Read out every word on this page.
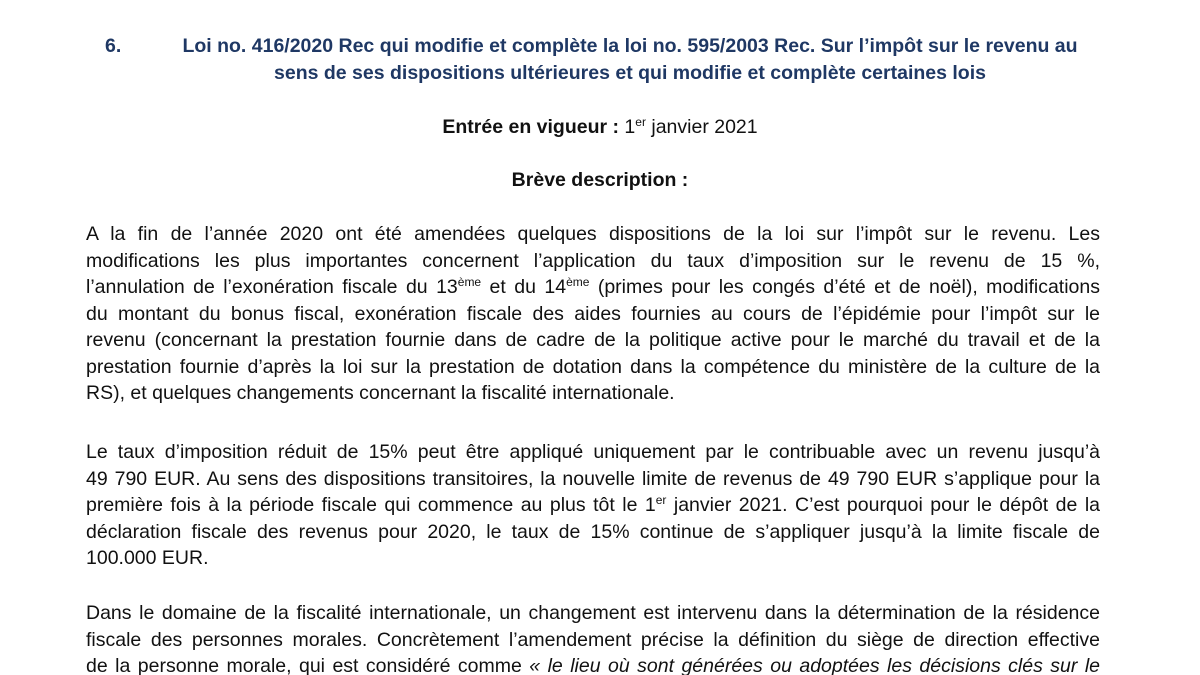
6.	Loi no. 416/2020 Rec qui modifie et complète la loi no. 595/2003 Rec. Sur l’impôt sur le revenu au
sens de ses dispositions ultérieures et qui modifie et complète certaines lois
Entrée en vigueur : 1er janvier 2021
Brève description :
A la fin de l’année 2020 ont été amendées quelques dispositions de la loi sur l’impôt sur le revenu. Les
modifications les plus importantes concernent l’application du taux d’imposition sur le revenu de 15 %,
l’annulation de l’exonération fiscale du 13ème et du 14ème (primes pour les congés d’été et de noël), modifications
du montant du bonus fiscal, exonération fiscale des aides fournies au cours de l’épidémie pour l’impôt sur le
revenu (concernant la prestation fournie dans de cadre de la politique active pour le marché du travail et de la
prestation fournie d’après la loi sur la prestation de dotation dans la compétence du ministère de la culture de la
RS), et quelques changements concernant la fiscalité internationale.
Le taux d’imposition réduit de 15% peut être appliqué uniquement par le contribuable avec un revenu jusqu’à
49 790 EUR. Au sens des dispositions transitoires, la nouvelle limite de revenus de 49 790 EUR s’applique pour la
première fois à la période fiscale qui commence au plus tôt le 1er janvier 2021. C’est pourquoi pour le dépôt de la
déclaration fiscale des revenus pour 2020, le taux de 15% continue de s’appliquer jusqu’à la limite fiscale de
100.000 EUR.
Dans le domaine de la fiscalité internationale, un changement est intervenu dans la détermination de la résidence
fiscale des personnes morales. Concrètement l’amendement précise la définition du siège de direction effective
de la personne morale, qui est considéré comme « le lieu où sont générées ou adoptées les décisions clés sur le
